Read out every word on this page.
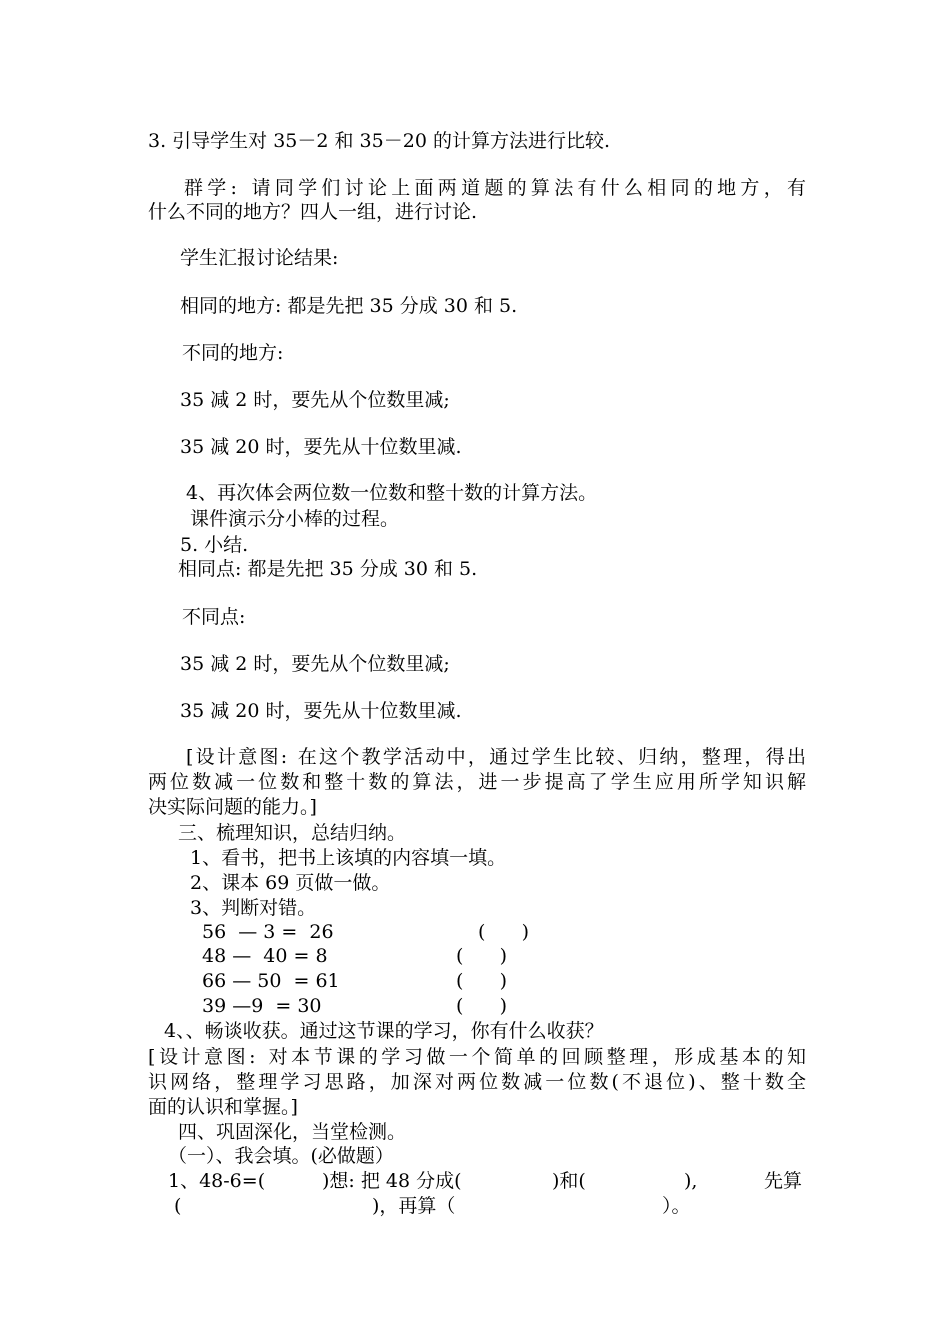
3. 引导学生对 35－2 和 35－20 的计算方法进行比较.
群学: 请同学们讨论上面两道题的算法有什么相同的地方，有
什么不同的地方？四人一组，进行讨论.
学生汇报讨论结果:
相同的地方: 都是先把 35 分成 30 和 5.
不同的地方:
35 减 2 时，要先从个位数里减;
35 减 20 时，要先从十位数里减.
4、再次体会两位数一位数和整十数的计算方法。
课件演示分小棒的过程。
5. 小结.
相同点: 都是先把 35 分成 30 和 5.
不同点:
35 减 2 时，要先从个位数里减;
35 减 20 时，要先从十位数里减.
[设计意图: 在这个教学活动中，通过学生比较、归纳，整理，得出
两位数减一位数和整十数的算法，进一步提高了学生应用所学知识解
决实际问题的能力。]
三、梳理知识，总结归纳。
1、看书，把书上该填的内容填一填。
2、课本 69 页做一做。
3、判断对错。
56  — 3 =  26	(      )
48 —  40 = 8	(      )
66 — 50  = 61	(      )
39 —9  = 30	(      )
4、、畅谈收获。通过这节课的学习，你有什么收获？
[设计意图: 对本节课的学习做一个简单的回顾整理，形成基本的知
识网络，整理学习思路，加深对两位数减一位数(不退位)、整十数全
面的认识和掌握。]
四、巩固深化，当堂检测。
（一）、我会填。(必做题）
1、48-6=(	)想: 把 48 分成(	)和(	),	先算
(	)，再算（	）。
